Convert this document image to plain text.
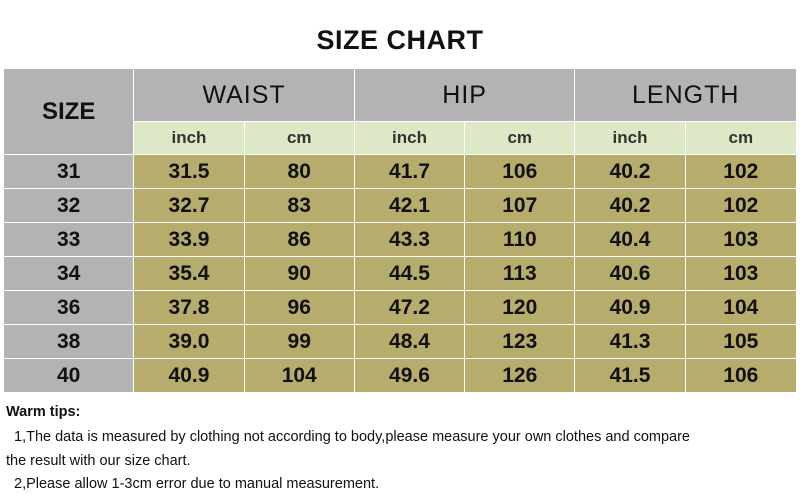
SIZE CHART
SIZE	WAIST		HIP		LENGTH	
	inch	cm	inch	cm	inch	cm
31	31.5	80	41.7	106	40.2	102
32	32.7	83	42.1	107	40.2	102
33	33.9	86	43.3	110	40.4	103
34	35.4	90	44.5	113	40.6	103
36	37.8	96	47.2	120	40.9	104
38	39.0	99	48.4	123	41.3	105
40	40.9	104	49.6	126	41.5	106

Warm tips:

1,The data is measured by clothing not according to body,please measure your own clothes and compare

the result with our size chart.

2,Please allow 1-3cm error due to manual measurement.
